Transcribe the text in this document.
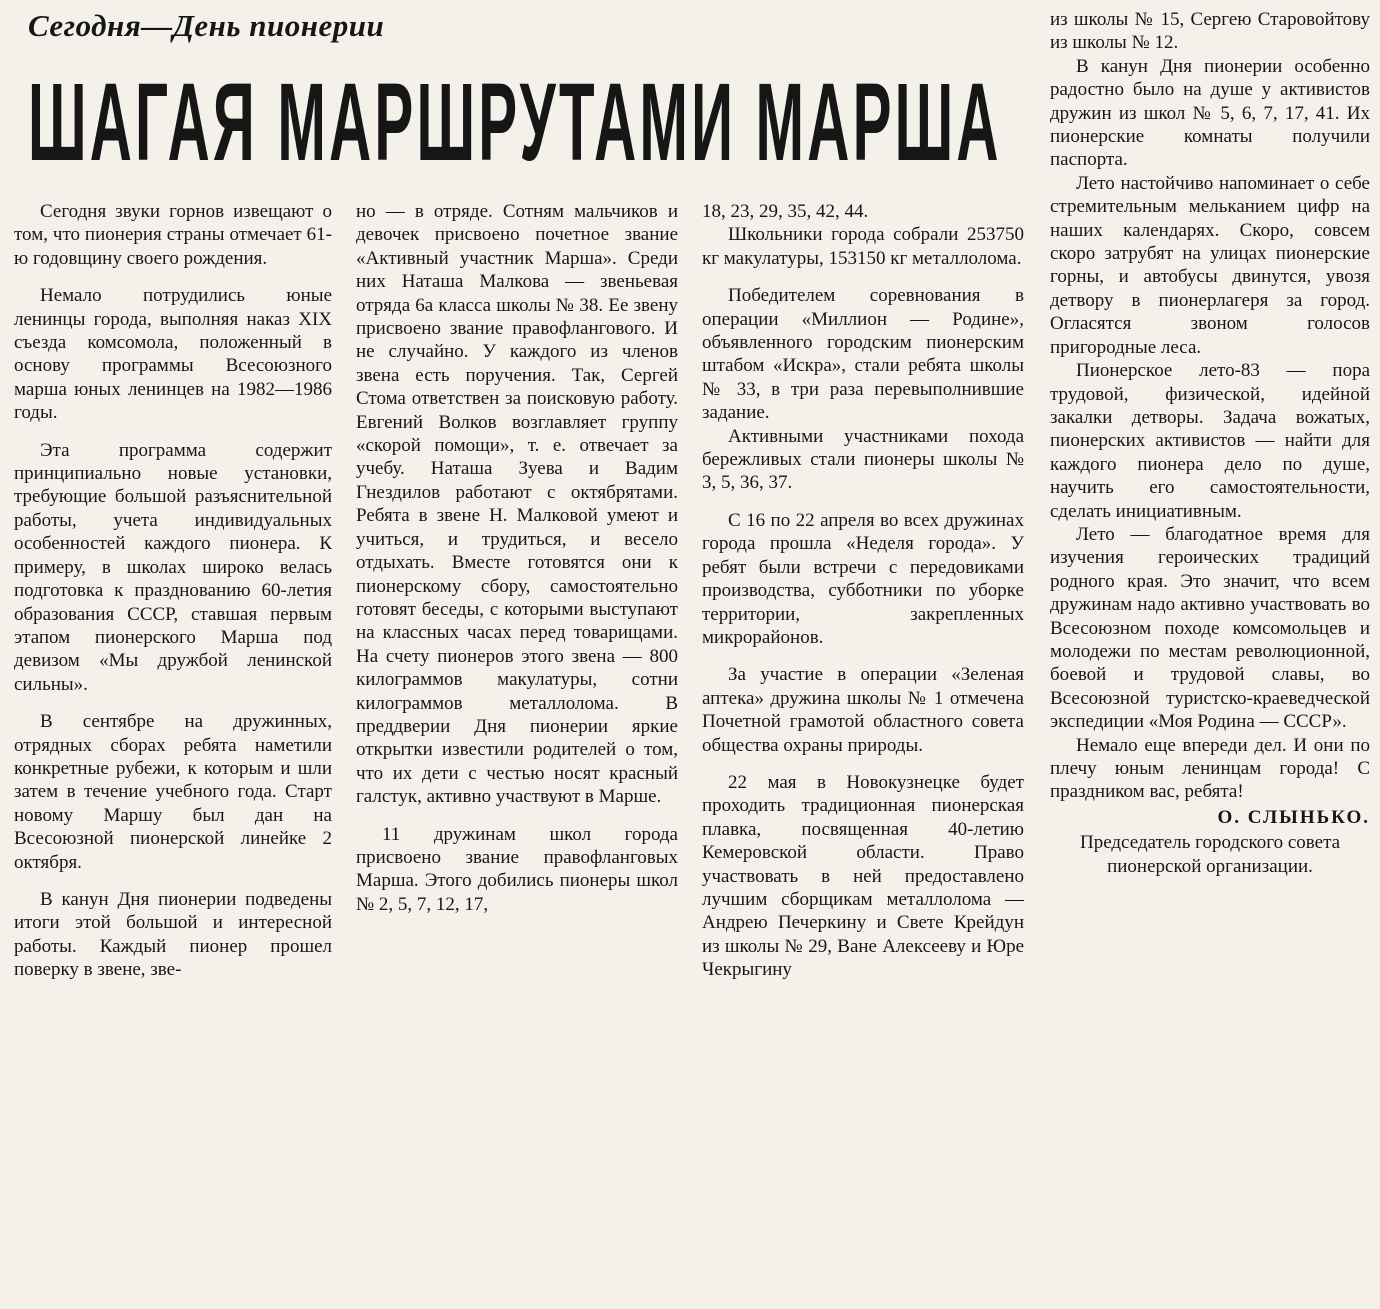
Сегодня—День пионерии
ШАГАЯ МАРШРУТАМИ МАРША

Сегодня звуки горнов извещают о том, что пионерия страны отмечает 61-ю годовщину своего рождения.

Немало потрудились юные ленинцы города, выполняя наказ XIX съезда комсомола, положенный в основу программы Всесоюзного марша юных ленинцев на 1982—1986 годы.

Эта программа содержит принципиально новые установки, требующие большой разъяснительной работы, учета индивидуальных особенностей каждого пионера. К примеру, в школах широко велась подготовка к празднованию 60-летия образования СССР, ставшая первым этапом пионерского Марша под девизом «Мы дружбой ленинской сильны».

В сентябре на дружинных, отрядных сборах ребята наметили конкретные рубежи, к которым и шли затем в течение учебного года. Старт новому Маршу был дан на Всесоюзной пионерской линейке 2 октября.

В канун Дня пионерии подведены итоги этой большой и интересной работы. Каждый пионер прошел поверку в звене, зве-

но — в отряде. Сотням мальчиков и девочек присвоено почетное звание «Активный участник Марша». Среди них Наташа Малкова — звеньевая отряда 6а класса школы № 38. Ее звену присвоено звание правофлангового. И не случайно. У каждого из членов звена есть поручения. Так, Сергей Стома ответствен за поисковую работу. Евгений Волков возглавляет группу «скорой помощи», т. е. отвечает за учебу. Наташа Зуева и Вадим Гнездилов работают с октябрятами. Ребята в звене Н. Малковой умеют и учиться, и трудиться, и весело отдыхать. Вместе готовятся они к пионерскому сбору, самостоятельно готовят беседы, с которыми выступают на классных часах перед товарищами. На счету пионеров этого звена — 800 килограммов макулатуры, сотни килограммов металлолома. В преддверии Дня пионерии яркие открытки известили родителей о том, что их дети с честью носят красный галстук, активно участвуют в Марше.

11 дружинам школ города присвоено звание правофланговых Марша. Этого добились пионеры школ № 2, 5, 7, 12, 17,

18, 23, 29, 35, 42, 44.

Школьники города собрали 253750 кг макулатуры, 153150 кг металлолома.

Победителем соревнования в операции «Миллион — Родине», объявленного городским пионерским штабом «Искра», стали ребята школы № 33, в три раза перевыполнившие задание.

Активными участниками похода бережливых стали пионеры школы № 3, 5, 36, 37.

С 16 по 22 апреля во всех дружинах города прошла «Неделя города». У ребят были встречи с передовиками производства, субботники по уборке территории, закрепленных микрорайонов.

За участие в операции «Зеленая аптека» дружина школы № 1 отмечена Почетной грамотой областного совета общества охраны природы.

22 мая в Новокузнецке будет проходить традиционная пионерская плавка, посвященная 40-летию Кемеровской области. Право участвовать в ней предоставлено лучшим сборщикам металлолома — Андрею Печеркину и Свете Крейдун из школы № 29, Ване Алексееву и Юре Чекрыгину

из школы № 15, Сергею Старовойтову из школы № 12.

В канун Дня пионерии особенно радостно было на душе у активистов дружин из школ № 5, 6, 7, 17, 41. Их пионерские комнаты получили паспорта.

Лето настойчиво напоминает о себе стремительным мельканием цифр на наших календарях. Скоро, совсем скоро затрубят на улицах пионерские горны, и автобусы двинутся, увозя детвору в пионерлагеря за город. Огласятся звоном голосов пригородные леса.

Пионерское лето-83 — пора трудовой, физической, идейной закалки детворы. Задача вожатых, пионерских активистов — найти для каждого пионера дело по душе, научить его самостоятельности, сделать инициативным.

Лето — благодатное время для изучения героических традиций родного края. Это значит, что всем дружинам надо активно участвовать во Всесоюзном походе комсомольцев и молодежи по местам революционной, боевой и трудовой славы, во Всесоюзной туристско-краеведческой экспедиции «Моя Родина — СССР».

Немало еще впереди дел. И они по плечу юным ленинцам города! С праздником вас, ребята!

О. СЛЫНЬКО.

Председатель городского совета пионерской организации.
